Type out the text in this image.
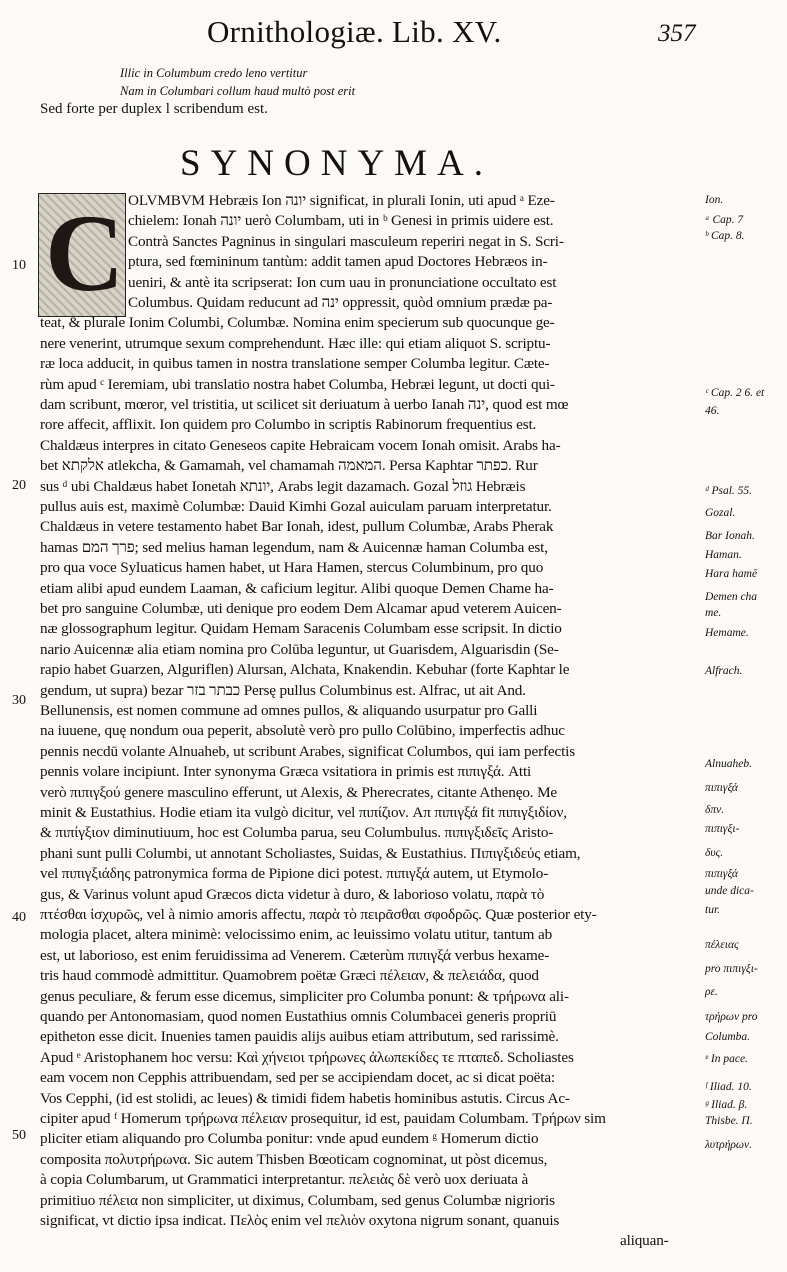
Ornithologiæ. Lib. XV.	357
Illic in Columbum credo leno vertitur
Nam in Columbari collum haud multò post erit
Sed forte per duplex l scribendum est.
SYNONYMA.
C OLVMBVM Hebræis Ion יונה significat, in plurali Ionin, uti apud ᵃ Eze-
chielem: Ionah יונה uerò Columbam, uti in ᵇ Genesi in primis uidere est.
Contrà Sanctes Pagninus in singulari masculeum reperiri negat in S. Scri-
ptura, sed fœmininum tantùm: addit tamen apud Doctores Hebræos in-
ueniri, & antè ita scripserat: Ion cum uau in pronunciatione occultato est
Columbus. Quidam reducunt ad ינה oppressit, quòd omnium prædæ pa-
teat, & plurale Ionim Columbi, Columbæ. Nomina enim specierum sub quocunque ge-
nere venerint, utrumque sexum comprehendunt. Hæc ille: qui etiam aliquot S. scriptu-
ræ loca adducit, in quibus tamen in nostra translatione semper Columba legitur. Cæte-
rùm apud ᶜ Ieremiam, ubi translatio nostra habet Columba, Hebræi legunt, ut docti qui-
dam scribunt, mœror, vel tristitia, ut scilicet sit deriuatum à uerbo Ianah ינה, quod est mœ
rore affecit, afflixit. Ion quidem pro Columbo in scriptis Rabinorum frequentius est.
Chaldæus interpres in citato Geneseos capite Hebraicam vocem Ionah omisit. Arabs ha-
bet אלקתא atlekcha, & Gamamah, vel chamamah המאמה. Persa Kaphtar כפתר. Rur
sus ᵈ ubi Chaldæus habet Ionetah יונתא, Arabs legit dazamach. Gozal גוזל Hebræis
pullus auis est, maximè Columbæ: Dauid Kimhi Gozal auiculam paruam interpretatur.
Chaldæus in vetere testamento habet Bar Ionah, idest, pullum Columbæ, Arabs Pherak
hamas פרך המם; sed melius haman legendum, nam & Auicennæ haman Columba est,
pro qua voce Syluaticus hamen habet, ut Hara Hamen, stercus Columbinum, pro quo
etiam alibi apud eundem Laaman, & caficium legitur. Alibi quoque Demen Chame ha-
bet pro sanguine Columbæ, uti denique pro eodem Dem Alcamar apud veterem Auicen-
næ glossographum legitur. Quidam Hemam Saracenis Columbam esse scripsit. In dictio
nario Auicennæ alia etiam nomina pro Colūba leguntur, ut Guarisdem, Alguarisdin (Se-
rapio habet Guarzen, Alguriflen) Alursan, Alchata, Knakendin. Kebuhar (forte Kaphtar le
gendum, ut supra) bezar כבתר בזר Persę pullus Columbinus est. Alfrac, ut ait And.
Bellunensis, est nomen commune ad omnes pullos, & aliquando usurpatur pro Galli
na iuuene, quę nondum oua peperit, absolutè verò pro pullo Colūbino, imperfectis adhuc
pennis necdū volante Alnuaheb, ut scribunt Arabes, significat Columbos, qui iam perfectis
pennis volare incipiunt. Inter synonyma Græca vsitatiora in primis est πιπιγξά. Atti
verò πιπιγξού genere masculino efferunt, ut Alexis, & Pherecrates, citante Athenęo. Me
minit & Eustathius. Hodie etiam ita vulgò dicitur, vel πιπίζιον. Aπ πιπιγξά fit πιπιγξιδίον,
& πιπίγξιον diminutiuum, hoc est Columba parua, seu Columbulus. πιπιγξιδεῖς Aristo-
phani sunt pulli Columbi, ut annotant Scholiastes, Suidas, & Eustathius. Πιπιγξιδεύς etiam,
vel πιπιγξιάδης patronymica forma de Pipione dici potest. πιπιγξά autem, ut Etymolo-
gus, & Varinus volunt apud Græcos dicta videtur à duro, & laborioso volatu, παρὰ τὸ
πτέσθαι ἰσχυρῶς, vel à nimio amoris affectu, παρὰ τὸ πειρᾶσθαι σφοδρῶς. Quæ posterior ety-
mologia placet, altera minimè: velocissimo enim, ac leuissimo volatu utitur, tantum ab
est, ut laborioso, est enim feruidissima ad Venerem. Cæterùm πιπιγξά verbus hexame-
tris haud commodè admittitur. Quamobrem poëtæ Græci πέλειαν, & πελειάδα, quod
genus peculiare, & ferum esse dicemus, simpliciter pro Columba ponunt: & τρήρωνα ali-
quando per Antonomasiam, quod nomen Eustathius omnis Columbacei generis propriū
epitheton esse dicit. Inuenies tamen pauidis alijs auibus etiam attributum, sed rarissimè.
Apud ᵉ Aristophanem hoc versu: Καὶ χήνειοι τρήρωνες ἀλωπεκίδες τε πταπεδ. Scholiastes
eam vocem non Cepphis attribuendam, sed per se accipiendam docet, ac si dicat poëta:
Vos Cepphi, (id est stolidi, ac leues) & timidi fidem habetis hominibus astutis. Circus Ac-
cipiter apud ᶠ Homerum τρήρωνα πέλειαν prosequitur, id est, pauidam Columbam. Τρήρων sim
pliciter etiam aliquando pro Columba ponitur: vnde apud eundem ᵍ Homerum dictio
composita πολυτρήρωνα. Sic autem Thisben Bœoticam cognominat, ut pòst dicemus,
à copia Columbarum, ut Grammatici interpretantur. πελειὰς δὲ verò uox deriuata à
primitiuo πέλεια non simpliciter, ut diximus, Columbam, sed genus Columbæ nigrioris
significat, vt dictio ipsa indicat. Πελὸς enim vel πελιὸν oxytona nigrum sonant, quanuis
aliquan-
Ion.
ᵃ Cap. 7
ᵇ Cap. 8.
ᶜ Cap. 2 6. et
46.
ᵈ Psal. 55.
Gozal.
Bar Ionah.
Haman.
Hara hamē
Demen cha
me.
Hemame.
Alfrach.
Alnuaheb.
πιπιγξά
δπν.
πιπιγξι-
δυς.
πιπιγξά
unde dica-
tur.
πέλειας
pro πιπιγξι-
ρε.
τρήρων pro
Columba.
ᵉ In pace.
ᶠ Iliad. 10.
ᵍ Iliad. β.
Thisbe. Π.
λυτρήρων.
10
20
30
40
50
